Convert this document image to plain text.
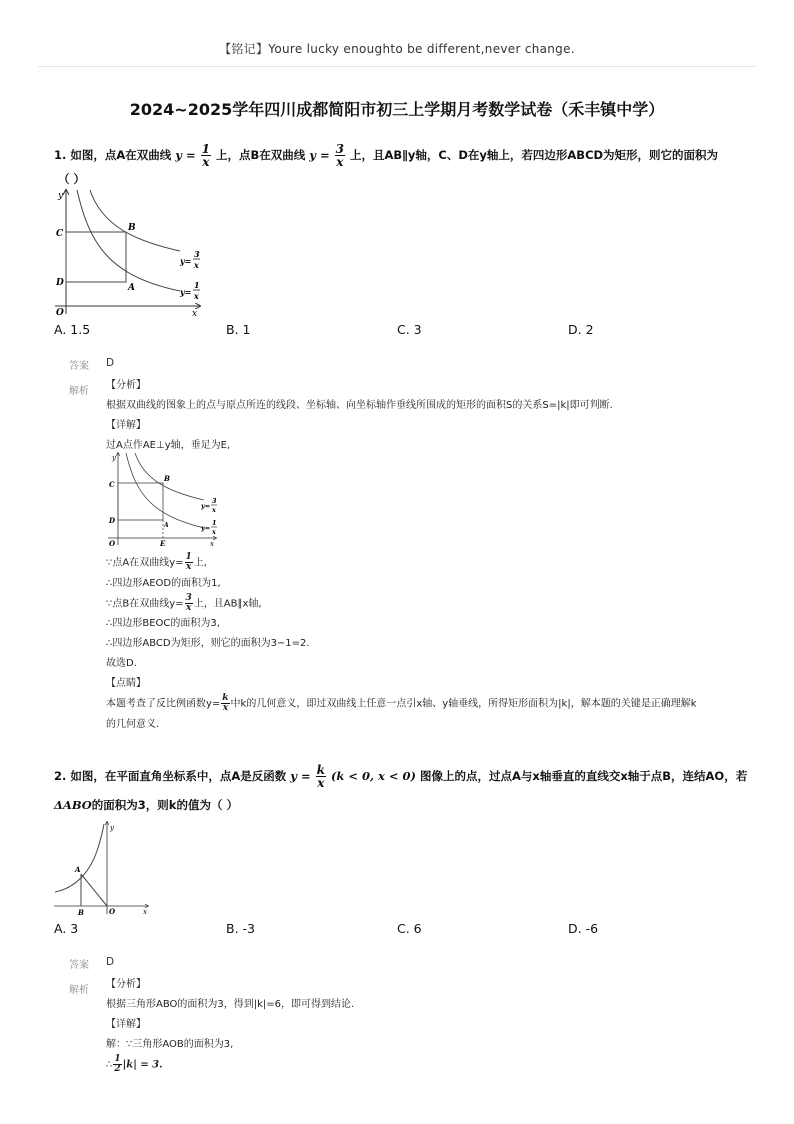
【铭记】Youre lucky enoughto be different,never change.
2024~2025学年四川成都简阳市初三上学期月考数学试卷（禾丰镇中学）
1. 如图，点A在双曲线 $y = \frac{1}{x}$ 上，点B在双曲线 $y = \frac{3}{x}$ 上，且AB∥y轴，C、D在y轴上，若四边形ABCD为矩形，则它的面积为
（ ）
y
x
O
C
D
B
A
y=
3
x
y=
1
x
A. 1.5	B. 1	C. 3	D. 2
答案 D
解析
【分析】
根据双曲线的图象上的点与原点所连的线段、坐标轴、向坐标轴作垂线所围成的矩形的面积S的关系S=|k|即可判断.
【详解】
过A点作AE⊥y轴，垂足为E,
y
x
O
C
D
B
A
E
y=
3
x
y=
1
x
∵点A在双曲线$y= \frac{1}{x}$ 上,
∴四边形AEOD的面积为1,
∵点B在双曲线$y= \frac{3}{x}$ 上，且AB∥x轴,
∴四边形BEOC的面积为3,
∴四边形ABCD为矩形，则它的面积为3−1=2.
故选D.
【点睛】
本题考查了反比例函数$y= \frac{k}{x}$ 中k的几何意义，即过双曲线上任意一点引x轴、y轴垂线，所得矩形面积为|k|，解本题的关键是正确理解k
的几何意义.
2. 如图，在平面直角坐标系中，点A是反函数 $y = \frac{k}{x} (k < 0$, x < 0) 图像上的点，过点A与x轴垂直的直线交x轴于点B，连结AO，若
ΔABO的面积为3，则k的值为（ ）
y
x
O
A
B
A. 3	B. -3	C. 6	D. -6
答案 D
解析
【分析】
根据三角形ABO的面积为3，得到|k|=6，即可得到结论.
【详解】
解：∵三角形AOB的面积为3,
∴ $\frac{1}{2} |k| = 3$.
